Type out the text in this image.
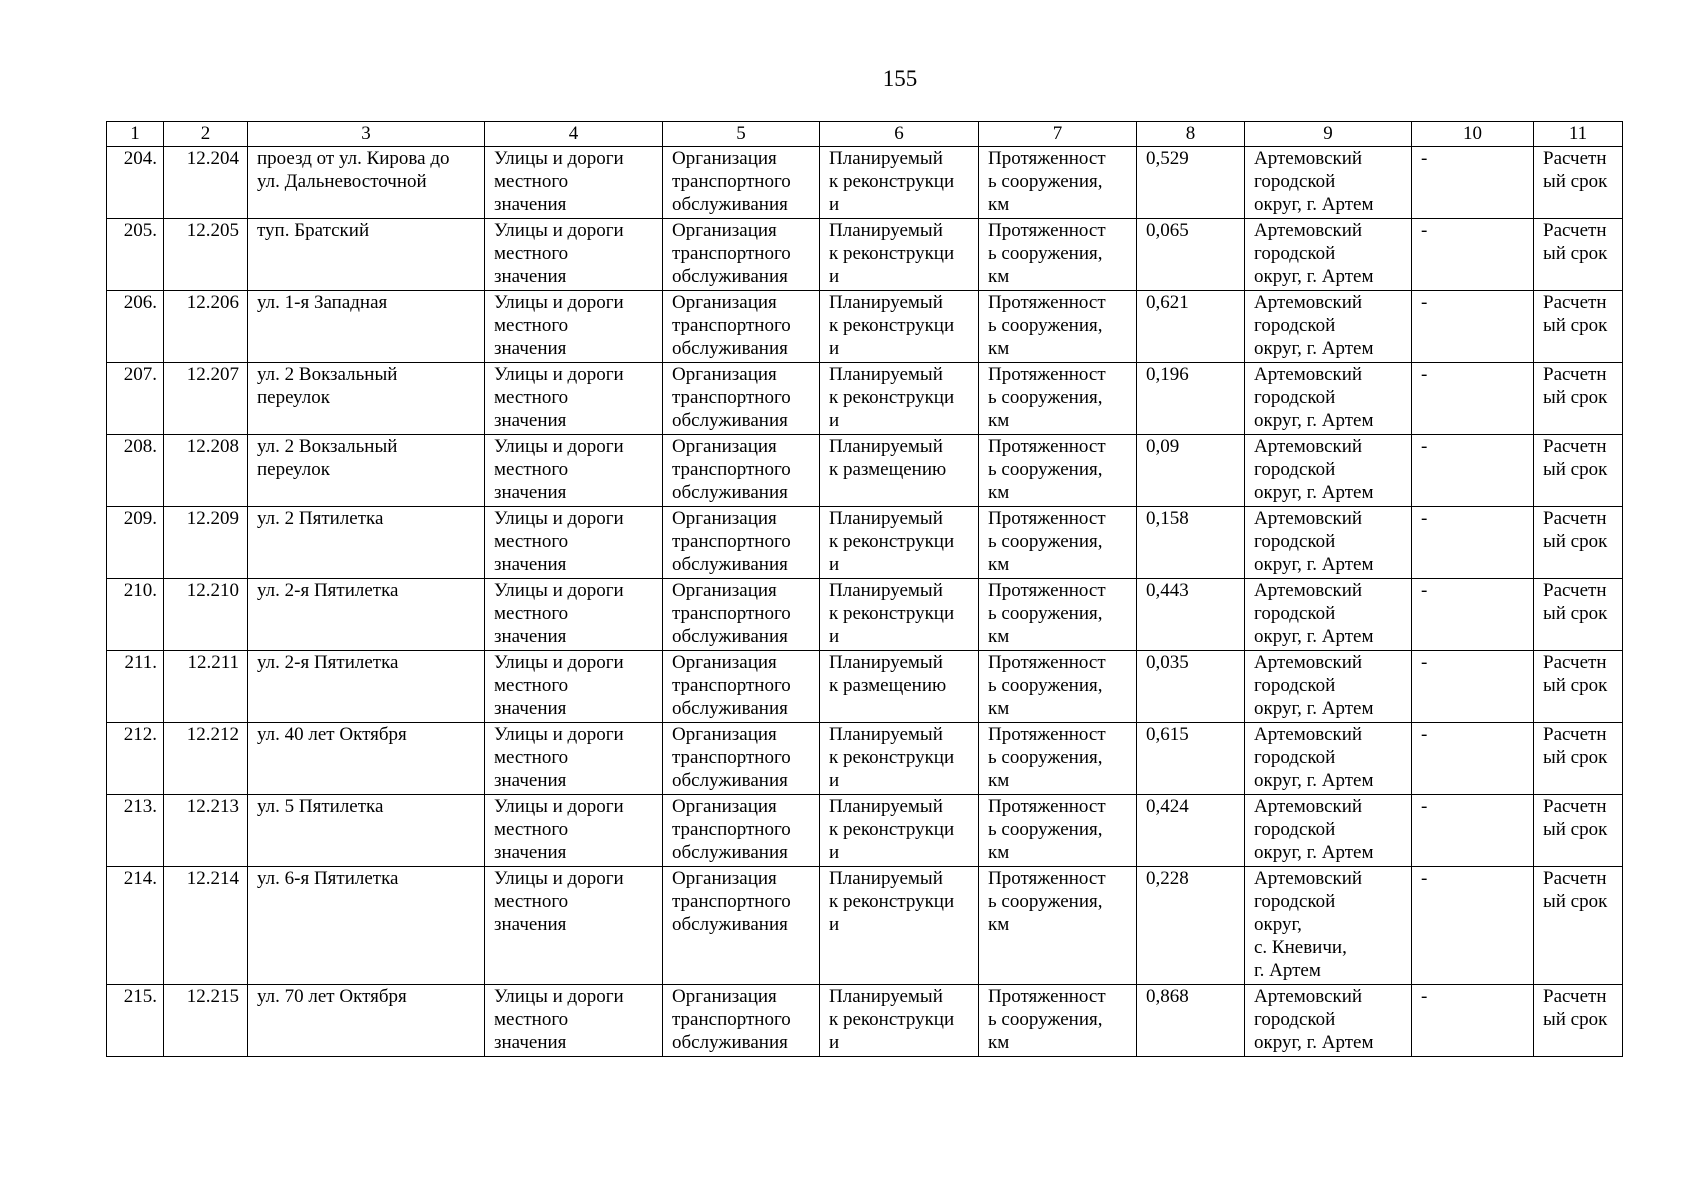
155
1	2	3	4	5	6	7	8	9	10	11
204.	12.204	проезд от ул. Кирова до
ул. Дальневосточной	Улицы и дороги
местного
значения	Организация
транспортного
обслуживания	Планируемый
к реконструкци
и	Протяженност
ь сооружения,
км	0,529	Артемовский
городской
округ, г. Артем	-	Расчетн
ый срок

205.	12.205	туп. Братский	Улицы и дороги
местного
значения	Организация
транспортного
обслуживания	Планируемый
к реконструкци
и	Протяженност
ь сооружения,
км	0,065	Артемовский
городской
округ, г. Артем	-	Расчетн
ый срок

206.	12.206	ул. 1-я Западная	Улицы и дороги
местного
значения	Организация
транспортного
обслуживания	Планируемый
к реконструкци
и	Протяженност
ь сооружения,
км	0,621	Артемовский
городской
округ, г. Артем	-	Расчетн
ый срок

207.	12.207	ул. 2 Вокзальный
переулок	Улицы и дороги
местного
значения	Организация
транспортного
обслуживания	Планируемый
к реконструкци
и	Протяженност
ь сооружения,
км	0,196	Артемовский
городской
округ, г. Артем	-	Расчетн
ый срок

208.	12.208	ул. 2 Вокзальный
переулок	Улицы и дороги
местного
значения	Организация
транспортного
обслуживания	Планируемый
к размещению	Протяженност
ь сооружения,
км	0,09	Артемовский
городской
округ, г. Артем	-	Расчетн
ый срок

209.	12.209	ул. 2 Пятилетка	Улицы и дороги
местного
значения	Организация
транспортного
обслуживания	Планируемый
к реконструкци
и	Протяженност
ь сооружения,
км	0,158	Артемовский
городской
округ, г. Артем	-	Расчетн
ый срок

210.	12.210	ул. 2-я Пятилетка	Улицы и дороги
местного
значения	Организация
транспортного
обслуживания	Планируемый
к реконструкци
и	Протяженност
ь сооружения,
км	0,443	Артемовский
городской
округ, г. Артем	-	Расчетн
ый срок

211.	12.211	ул. 2-я Пятилетка	Улицы и дороги
местного
значения	Организация
транспортного
обслуживания	Планируемый
к размещению	Протяженност
ь сооружения,
км	0,035	Артемовский
городской
округ, г. Артем	-	Расчетн
ый срок

212.	12.212	ул. 40 лет Октября	Улицы и дороги
местного
значения	Организация
транспортного
обслуживания	Планируемый
к реконструкци
и	Протяженност
ь сооружения,
км	0,615	Артемовский
городской
округ, г. Артем	-	Расчетн
ый срок

213.	12.213	ул. 5 Пятилетка	Улицы и дороги
местного
значения	Организация
транспортного
обслуживания	Планируемый
к реконструкци
и	Протяженност
ь сооружения,
км	0,424	Артемовский
городской
округ, г. Артем	-	Расчетн
ый срок

214.	12.214	ул. 6-я Пятилетка	Улицы и дороги
местного
значения	Организация
транспортного
обслуживания	Планируемый
к реконструкци
и	Протяженност
ь сооружения,
км	0,228	Артемовский
городской
округ,
с. Кневичи,
г. Артем	-	Расчетн
ый срок

215.	12.215	ул. 70 лет Октября	Улицы и дороги
местного
значения	Организация
транспортного
обслуживания	Планируемый
к реконструкци
и	Протяженност
ь сооружения,
км	0,868	Артемовский
городской
округ, г. Артем	-	Расчетн
ый срок
